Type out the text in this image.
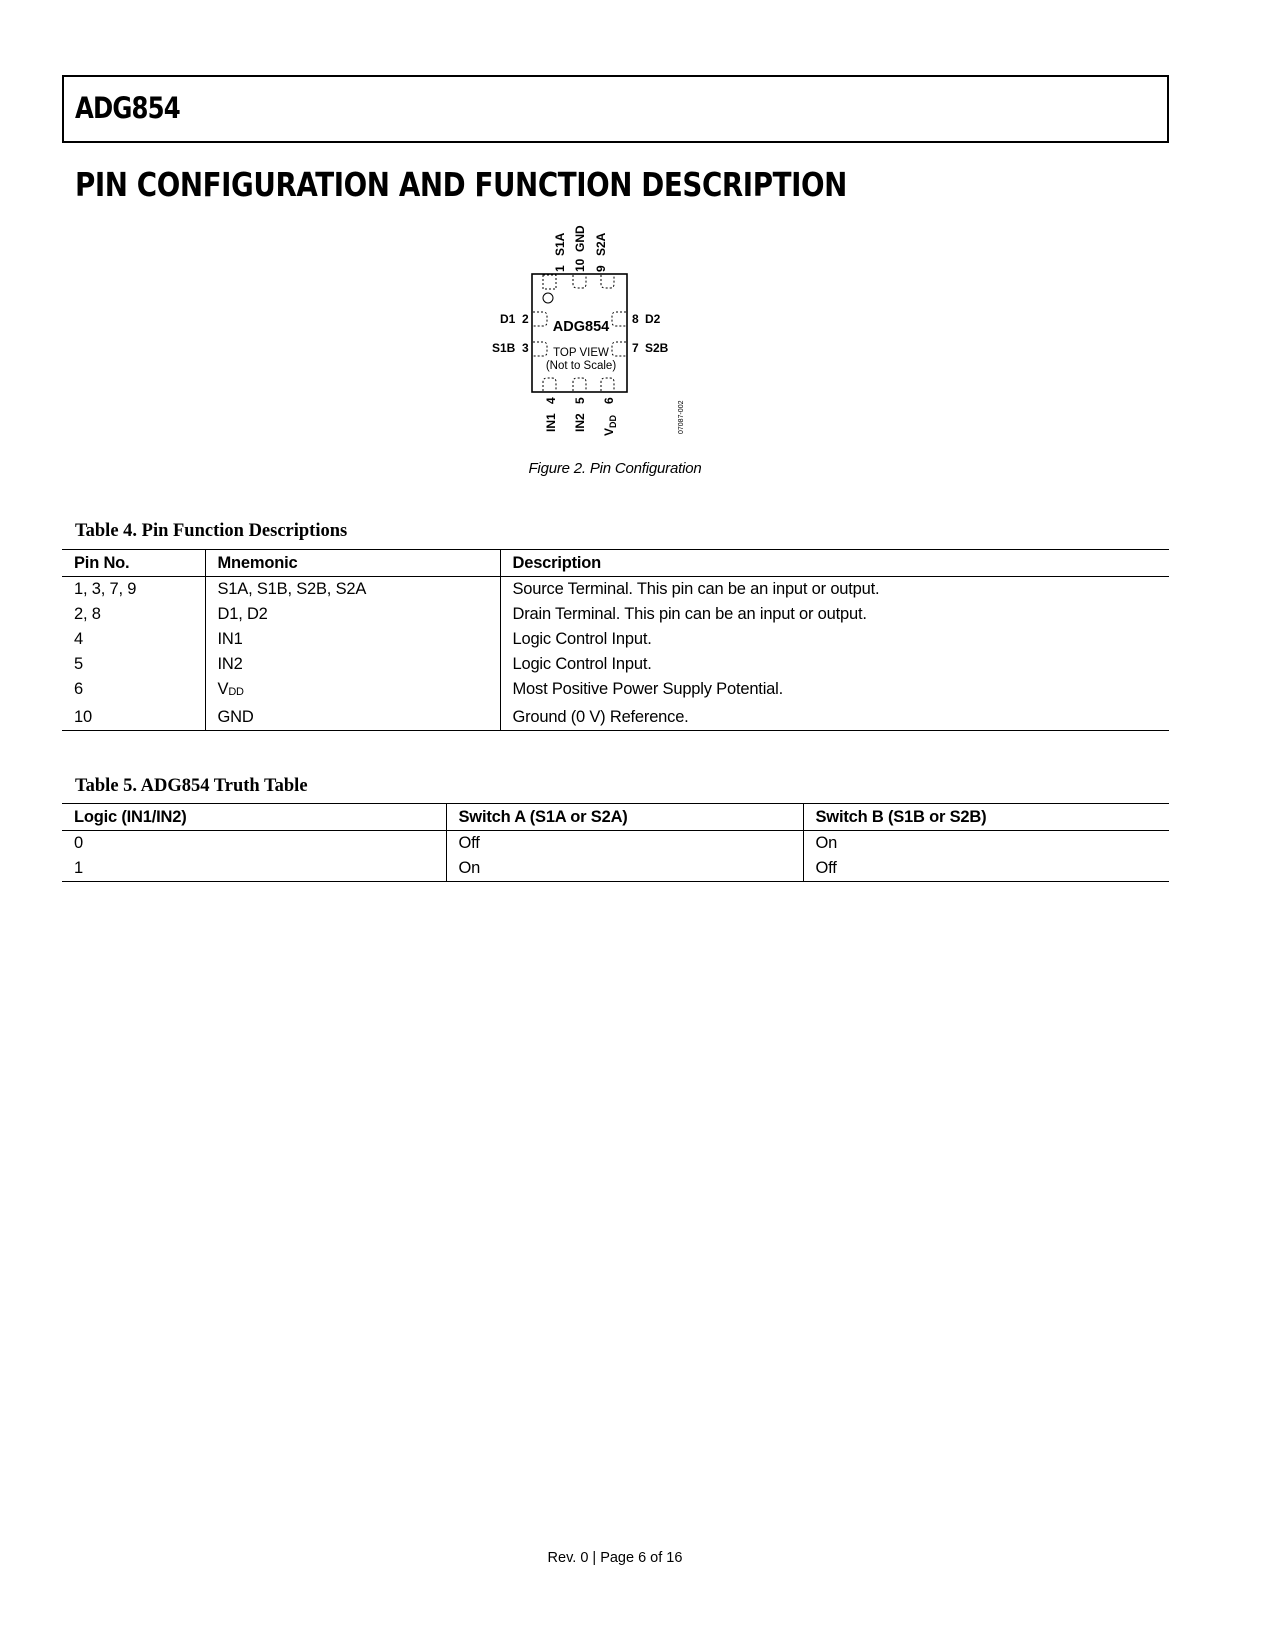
ADG854
PIN CONFIGURATION AND FUNCTION DESCRIPTION
ADG854
TOP VIEW
(Not to Scale)
1
S1A
10
GND
9
S2A
D1 2
S1B 3
8 D2
7 S2B
4
IN1
5
IN2
6
$V_{DD}$	07087-002
Figure 2. Pin Configuration
Table 4. Pin Function Descriptions
Pin No.	Mnemonic	Description
1, 3, 7, 9	S1A, S1B, S2B, S2A	Source Terminal. This pin can be an input or output.
2, 8	D1, D2	Drain Terminal. This pin can be an input or output.
4	IN1	Logic Control Input.
5	IN2	Logic Control Input.
6	VDD	Most Positive Power Supply Potential.
10	GND	Ground (0 V) Reference.
Table 5. ADG854 Truth Table
Logic (IN1/IN2)	Switch A (S1A or S2A)	Switch B (S1B or S2B)
0	Off	On
1	On	Off
Rev. 0 | Page 6 of 16
